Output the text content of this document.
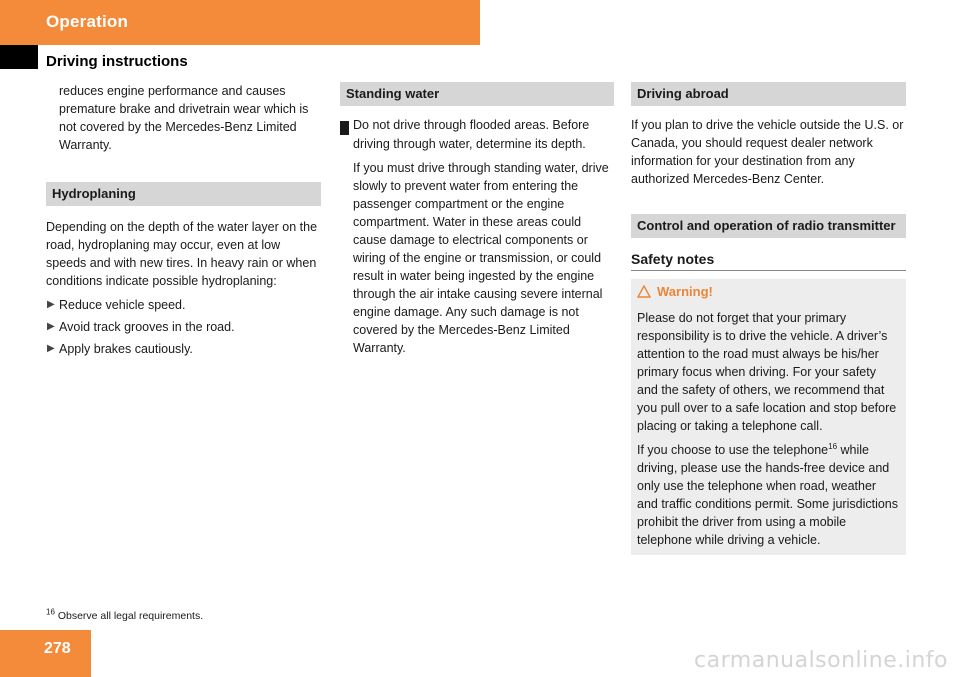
Operation
Driving instructions

reduces engine performance and causes premature brake and drivetrain wear which is not covered by the Mercedes-Benz Limited Warranty.

Hydroplaning

Depending on the depth of the water layer on the road, hydroplaning may occur, even at low speeds and with new tires. In heavy rain or when conditions indicate possible hydroplaning:

▶ Reduce vehicle speed.
▶ Avoid track grooves in the road.
▶ Apply brakes cautiously.
Standing water

! Do not drive through flooded areas. Before driving through water, determine its depth.

If you must drive through standing water, drive slowly to prevent water from entering the passenger compartment or the engine compartment. Water in these areas could cause damage to electrical components or wiring of the engine or transmission, or could result in water being ingested by the engine through the air intake causing severe internal engine damage. Any such damage is not covered by the Mercedes-Benz Limited Warranty.

Driving abroad

If you plan to drive the vehicle outside the U.S. or Canada, you should request dealer network information for your destination from any authorized Mercedes-Benz Center.

Control and operation of radio transmitter
Safety notes
Warning!

Please do not forget that your primary responsibility is to drive the vehicle. A driver’s attention to the road must always be his/her primary focus when driving. For your safety and the safety of others, we recommend that you pull over to a safe location and stop before placing or taking a telephone call.

If you choose to use the telephone$^{16}$ while driving, please use the hands-free device and only use the telephone when road, weather and traffic conditions permit. Some jurisdictions prohibit the driver from using a mobile telephone while driving a vehicle.

$^{16}$ Observe all legal requirements.
278	carmanualsonline.info
